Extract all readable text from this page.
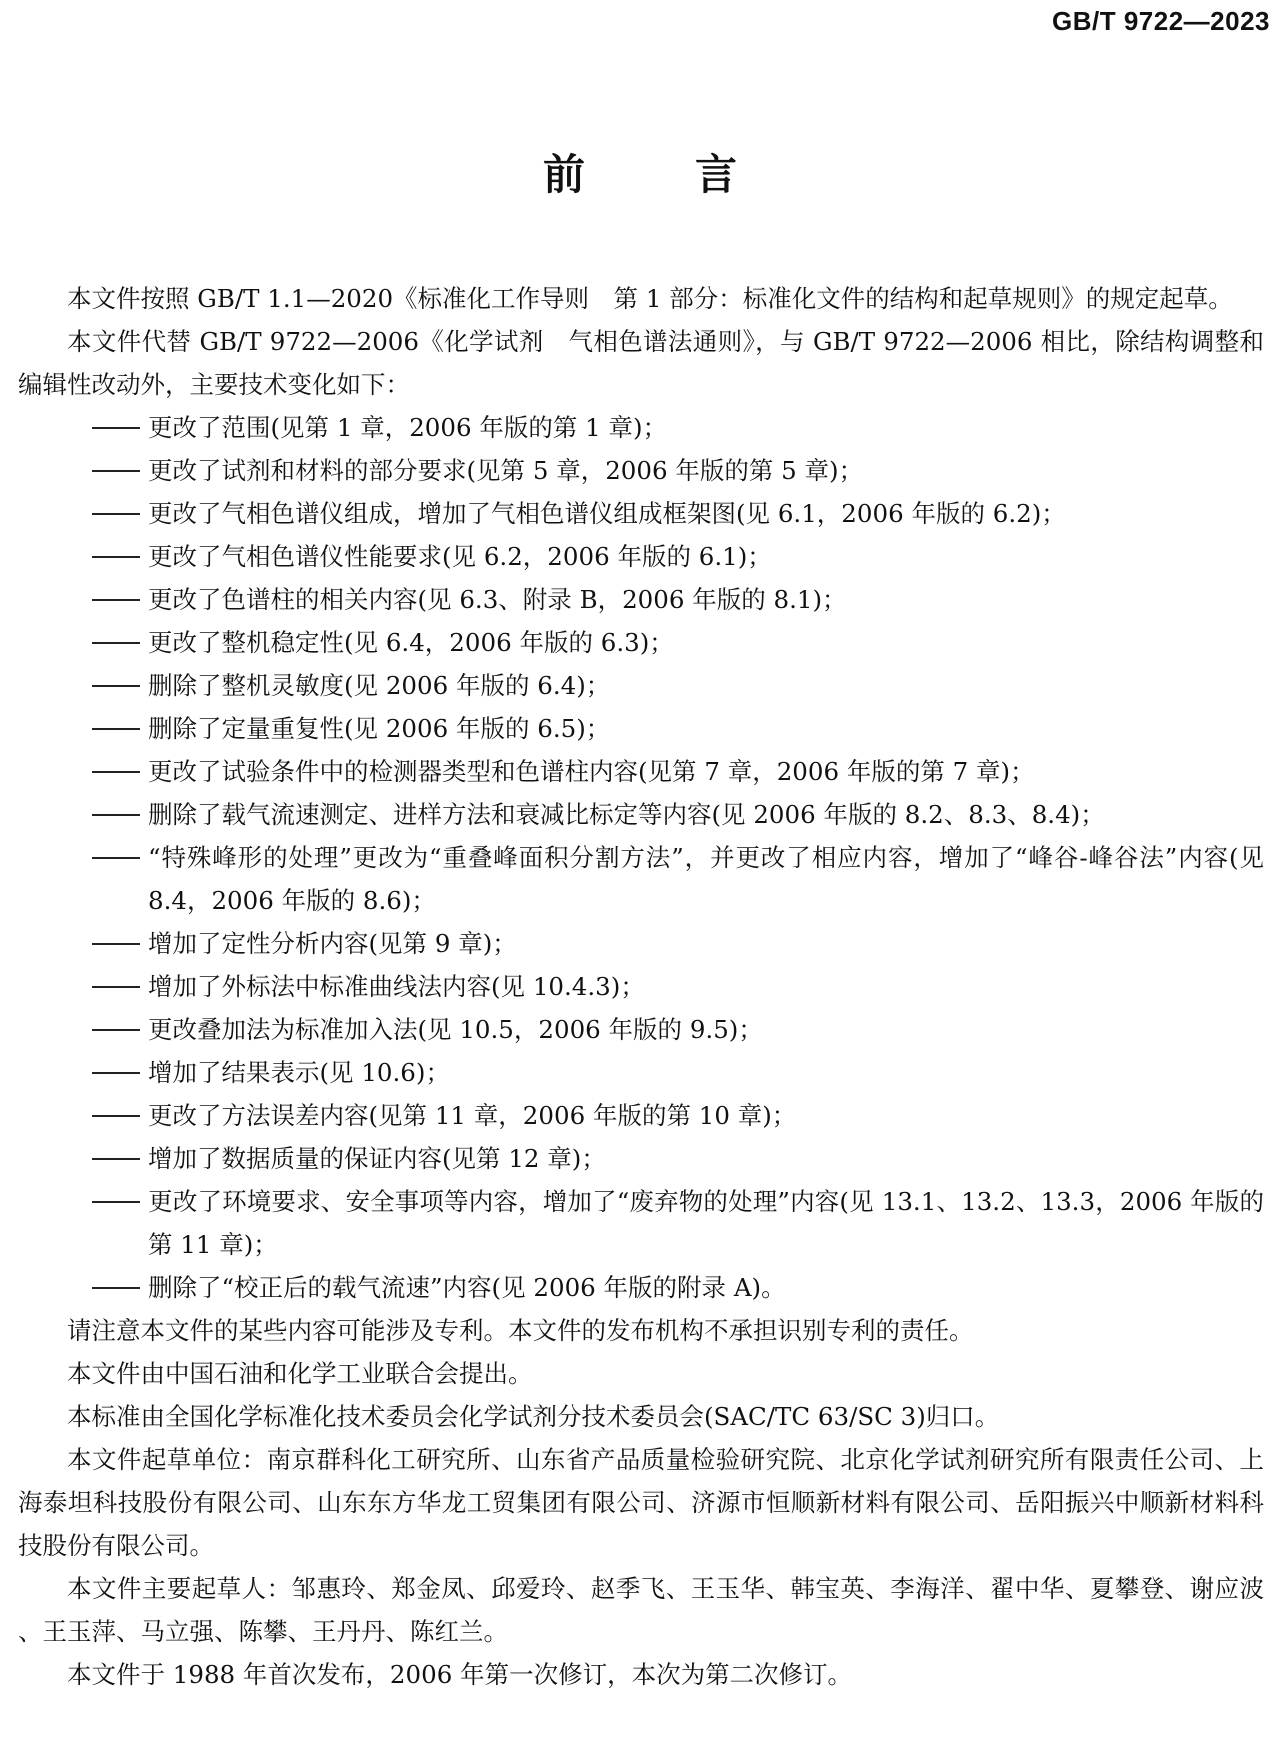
GB/T 9722—2023
前言

本文件按照 GB/T 1.1—2020《标准化工作导则　第 1 部分：标准化文件的结构和起草规则》的规定起草。

本文件代替 GB/T 9722—2006《化学试剂　气相色谱法通则》，与 GB/T 9722—2006 相比，除结构调整和编辑性改动外，主要技术变化如下：

更改了范围(见第 1 章，2006 年版的第 1 章)；

更改了试剂和材料的部分要求(见第 5 章，2006 年版的第 5 章)；

更改了气相色谱仪组成，增加了气相色谱仪组成框架图(见 6.1，2006 年版的 6.2)；

更改了气相色谱仪性能要求(见 6.2，2006 年版的 6.1)；

更改了色谱柱的相关内容(见 6.3、附录 B，2006 年版的 8.1)；

更改了整机稳定性(见 6.4，2006 年版的 6.3)；

删除了整机灵敏度(见 2006 年版的 6.4)；

删除了定量重复性(见 2006 年版的 6.5)；

更改了试验条件中的检测器类型和色谱柱内容(见第 7 章，2006 年版的第 7 章)；

删除了载气流速测定、进样方法和衰减比标定等内容(见 2006 年版的 8.2、8.3、8.4)；

“特殊峰形的处理”更改为“重叠峰面积分割方法”，并更改了相应内容，增加了“峰谷-峰谷法”内容(见 8.4，2006 年版的 8.6)；

增加了定性分析内容(见第 9 章)；

增加了外标法中标准曲线法内容(见 10.4.3)；

更改叠加法为标准加入法(见 10.5，2006 年版的 9.5)；

增加了结果表示(见 10.6)；

更改了方法误差内容(见第 11 章，2006 年版的第 10 章)；

增加了数据质量的保证内容(见第 12 章)；

更改了环境要求、安全事项等内容，增加了“废弃物的处理”内容(见 13.1、13.2、13.3，2006 年版的第 11 章)；

删除了“校正后的载气流速”内容(见 2006 年版的附录 A)。

请注意本文件的某些内容可能涉及专利。本文件的发布机构不承担识别专利的责任。

本文件由中国石油和化学工业联合会提出。

本标准由全国化学标准化技术委员会化学试剂分技术委员会(SAC/TC 63/SC 3)归口。

本文件起草单位：南京群科化工研究所、山东省产品质量检验研究院、北京化学试剂研究所有限责任公司、上海泰坦科技股份有限公司、山东东方华龙工贸集团有限公司、济源市恒顺新材料有限公司、岳阳振兴中顺新材料科技股份有限公司。

本文件主要起草人：邹惠玲、郑金凤、邱爱玲、赵季飞、王玉华、韩宝英、李海洋、翟中华、夏攀登、谢应波 、王玉萍、马立强、陈攀、王丹丹、陈红兰。

本文件于 1988 年首次发布，2006 年第一次修订，本次为第二次修订。
